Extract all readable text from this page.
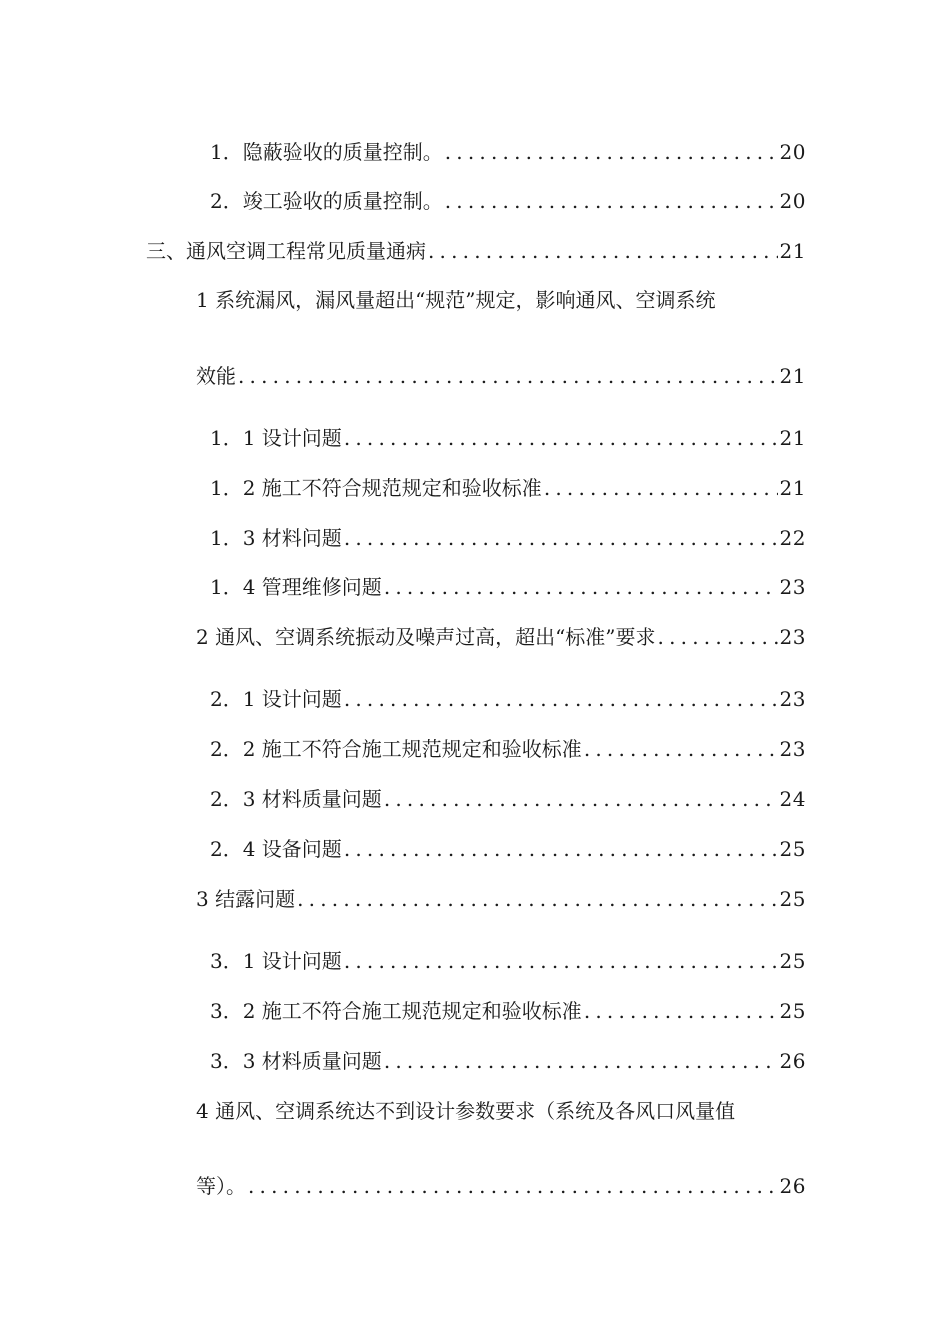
1．隐蔽验收的质量控制。 .....	20
2．竣工验收的质量控制。 .....	20
三、通风空调工程常见质量通病 .....	21
1 系统漏风，漏风量超出“规范”规定，影响通风、空调系统
效能 .....	21
1．1 设计问题 .....	21
1．2 施工不符合规范规定和验收标准 .....	21
1．3 材料问题 .....	22
1．4 管理维修问题 .....	23
2 通风、空调系统振动及噪声过高，超出“标准”要求 .....	23
2．1 设计问题 .....	23
2．2 施工不符合施工规范规定和验收标准 .....	23
2．3 材料质量问题 .....	24
2．4 设备问题 .....	25
3 结露问题 .....	25
3．1 设计问题 .....	25
3．2 施工不符合施工规范规定和验收标准 .....	25
3．3 材料质量问题 .....	26
4 通风、空调系统达不到设计参数要求（系统及各风口风量值
等）。 .....	26
